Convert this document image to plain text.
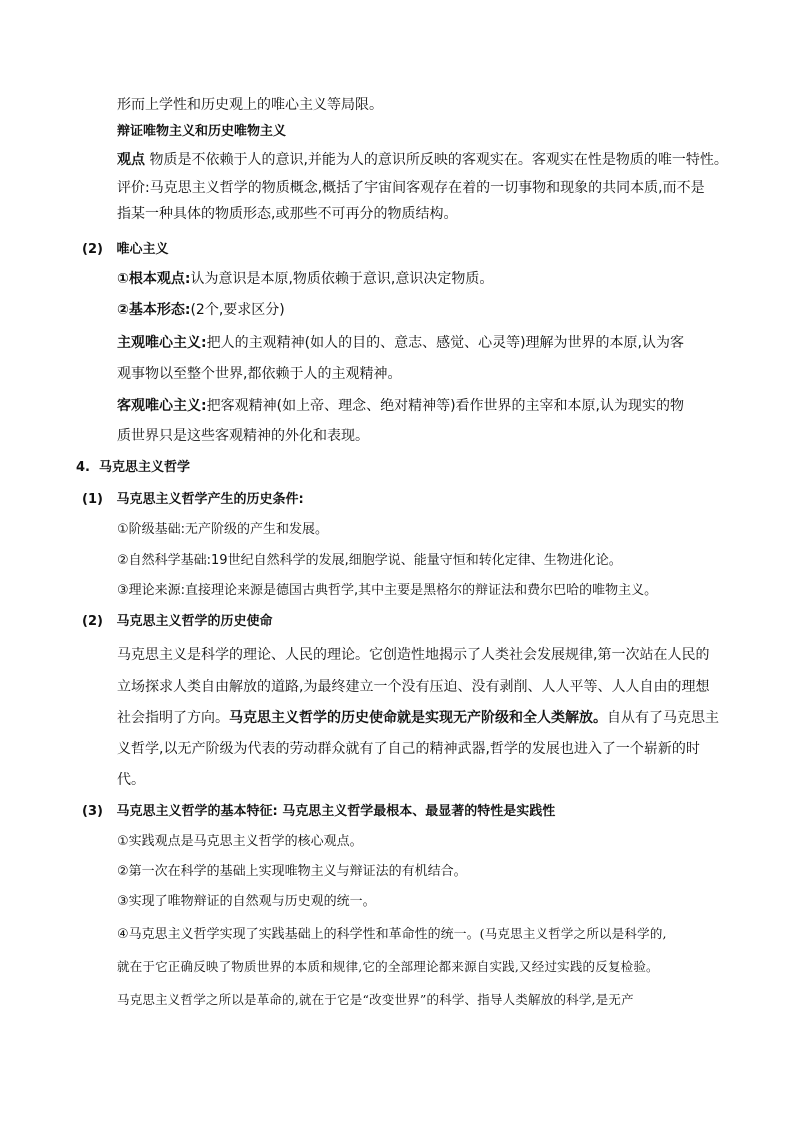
形而上学性和历史观上的唯心主义等局限。
辩证唯物主义和历史唯物主义
观点 物质是不依赖于人的意识,并能为人的意识所反映的客观实在。客观实在性是物质的唯一特性。
评价:马克思主义哲学的物质概念,概括了宇宙间客观存在着的一切事物和现象的共同本质,而不是
指某一种具体的物质形态,或那些不可再分的物质结构。
(2) 唯心主义
①根本观点:认为意识是本原,物质依赖于意识,意识决定物质。
②基本形态:(2个,要求区分)
主观唯心主义:把人的主观精神(如人的目的、意志、感觉、心灵等)理解为世界的本原,认为客
观事物以至整个世界,都依赖于人的主观精神。
客观唯心主义:把客观精神(如上帝、理念、绝对精神等)看作世界的主宰和本原,认为现实的物
质世界只是这些客观精神的外化和表现。
4. 马克思主义哲学
(1) 马克思主义哲学产生的历史条件:
①阶级基础:无产阶级的产生和发展。
②自然科学基础:19世纪自然科学的发展,细胞学说、能量守恒和转化定律、生物进化论。
③理论来源:直接理论来源是德国古典哲学,其中主要是黑格尔的辩证法和费尔巴哈的唯物主义。
(2) 马克思主义哲学的历史使命
马克思主义是科学的理论、人民的理论。它创造性地揭示了人类社会发展规律,第一次站在人民的
立场探求人类自由解放的道路,为最终建立一个没有压迫、没有剥削、人人平等、人人自由的理想
社会指明了方向。马克思主义哲学的历史使命就是实现无产阶级和全人类解放。自从有了马克思主
义哲学,以无产阶级为代表的劳动群众就有了自己的精神武器,哲学的发展也进入了一个崭新的时
代。
(3) 马克思主义哲学的基本特征: 马克思主义哲学最根本、最显著的特性是实践性
①实践观点是马克思主义哲学的核心观点。
②第一次在科学的基础上实现唯物主义与辩证法的有机结合。
③实现了唯物辩证的自然观与历史观的统一。
④马克思主义哲学实现了实践基础上的科学性和革命性的统一。(马克思主义哲学之所以是科学的,
就在于它正确反映了物质世界的本质和规律,它的全部理论都来源自实践,又经过实践的反复检验。
马克思主义哲学之所以是革命的,就在于它是“改变世界”的科学、指导人类解放的科学,是无产
